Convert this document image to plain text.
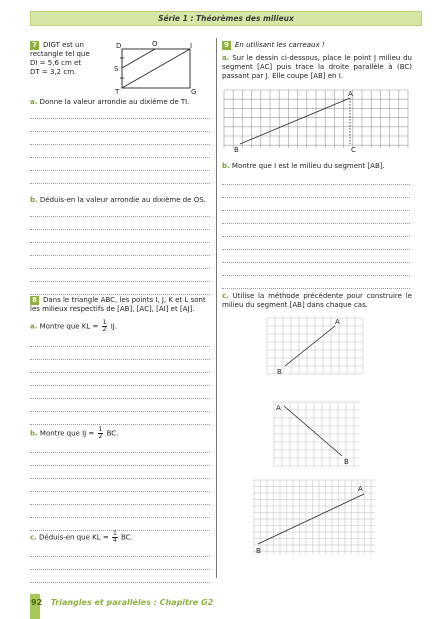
Série 1 : Théorèmes des milieux
7 DIGT est un
rectangle tel que
DI = 5,6 cm et
DT = 3,2 cm.
D	O	I
S
T	G
a. Donne la valeur arrondie au dixième de TI.
b. Déduis-en la valeur arrondie au dixième de OS.
8 Dans le triangle ABC, les points I, J, K et L sont les milieux respectifs de [AB], [AC], [AI] et [AJ].
a. Montre que KL = $\frac{1}{2}$ IJ.
b. Montre que IJ = $\frac{1}{2}$ BC.
c. Déduis-en que KL = $\frac{1}{4}$ BC.
9 En utilisant les carreaux !
a. Sur le dessin ci-dessous, place le point J milieu du segment [AC] puis trace la droite parallèle à (BC) passant par J. Elle coupe [AB] en I.
A
B	C
b. Montre que I est le milieu du segment [AB].
c. Utilise la méthode précédente pour construire le milieu du segment [AB] dans chaque cas.
A
B
A
B
A
B
92 Triangles et parallèles : Chapitre G2
